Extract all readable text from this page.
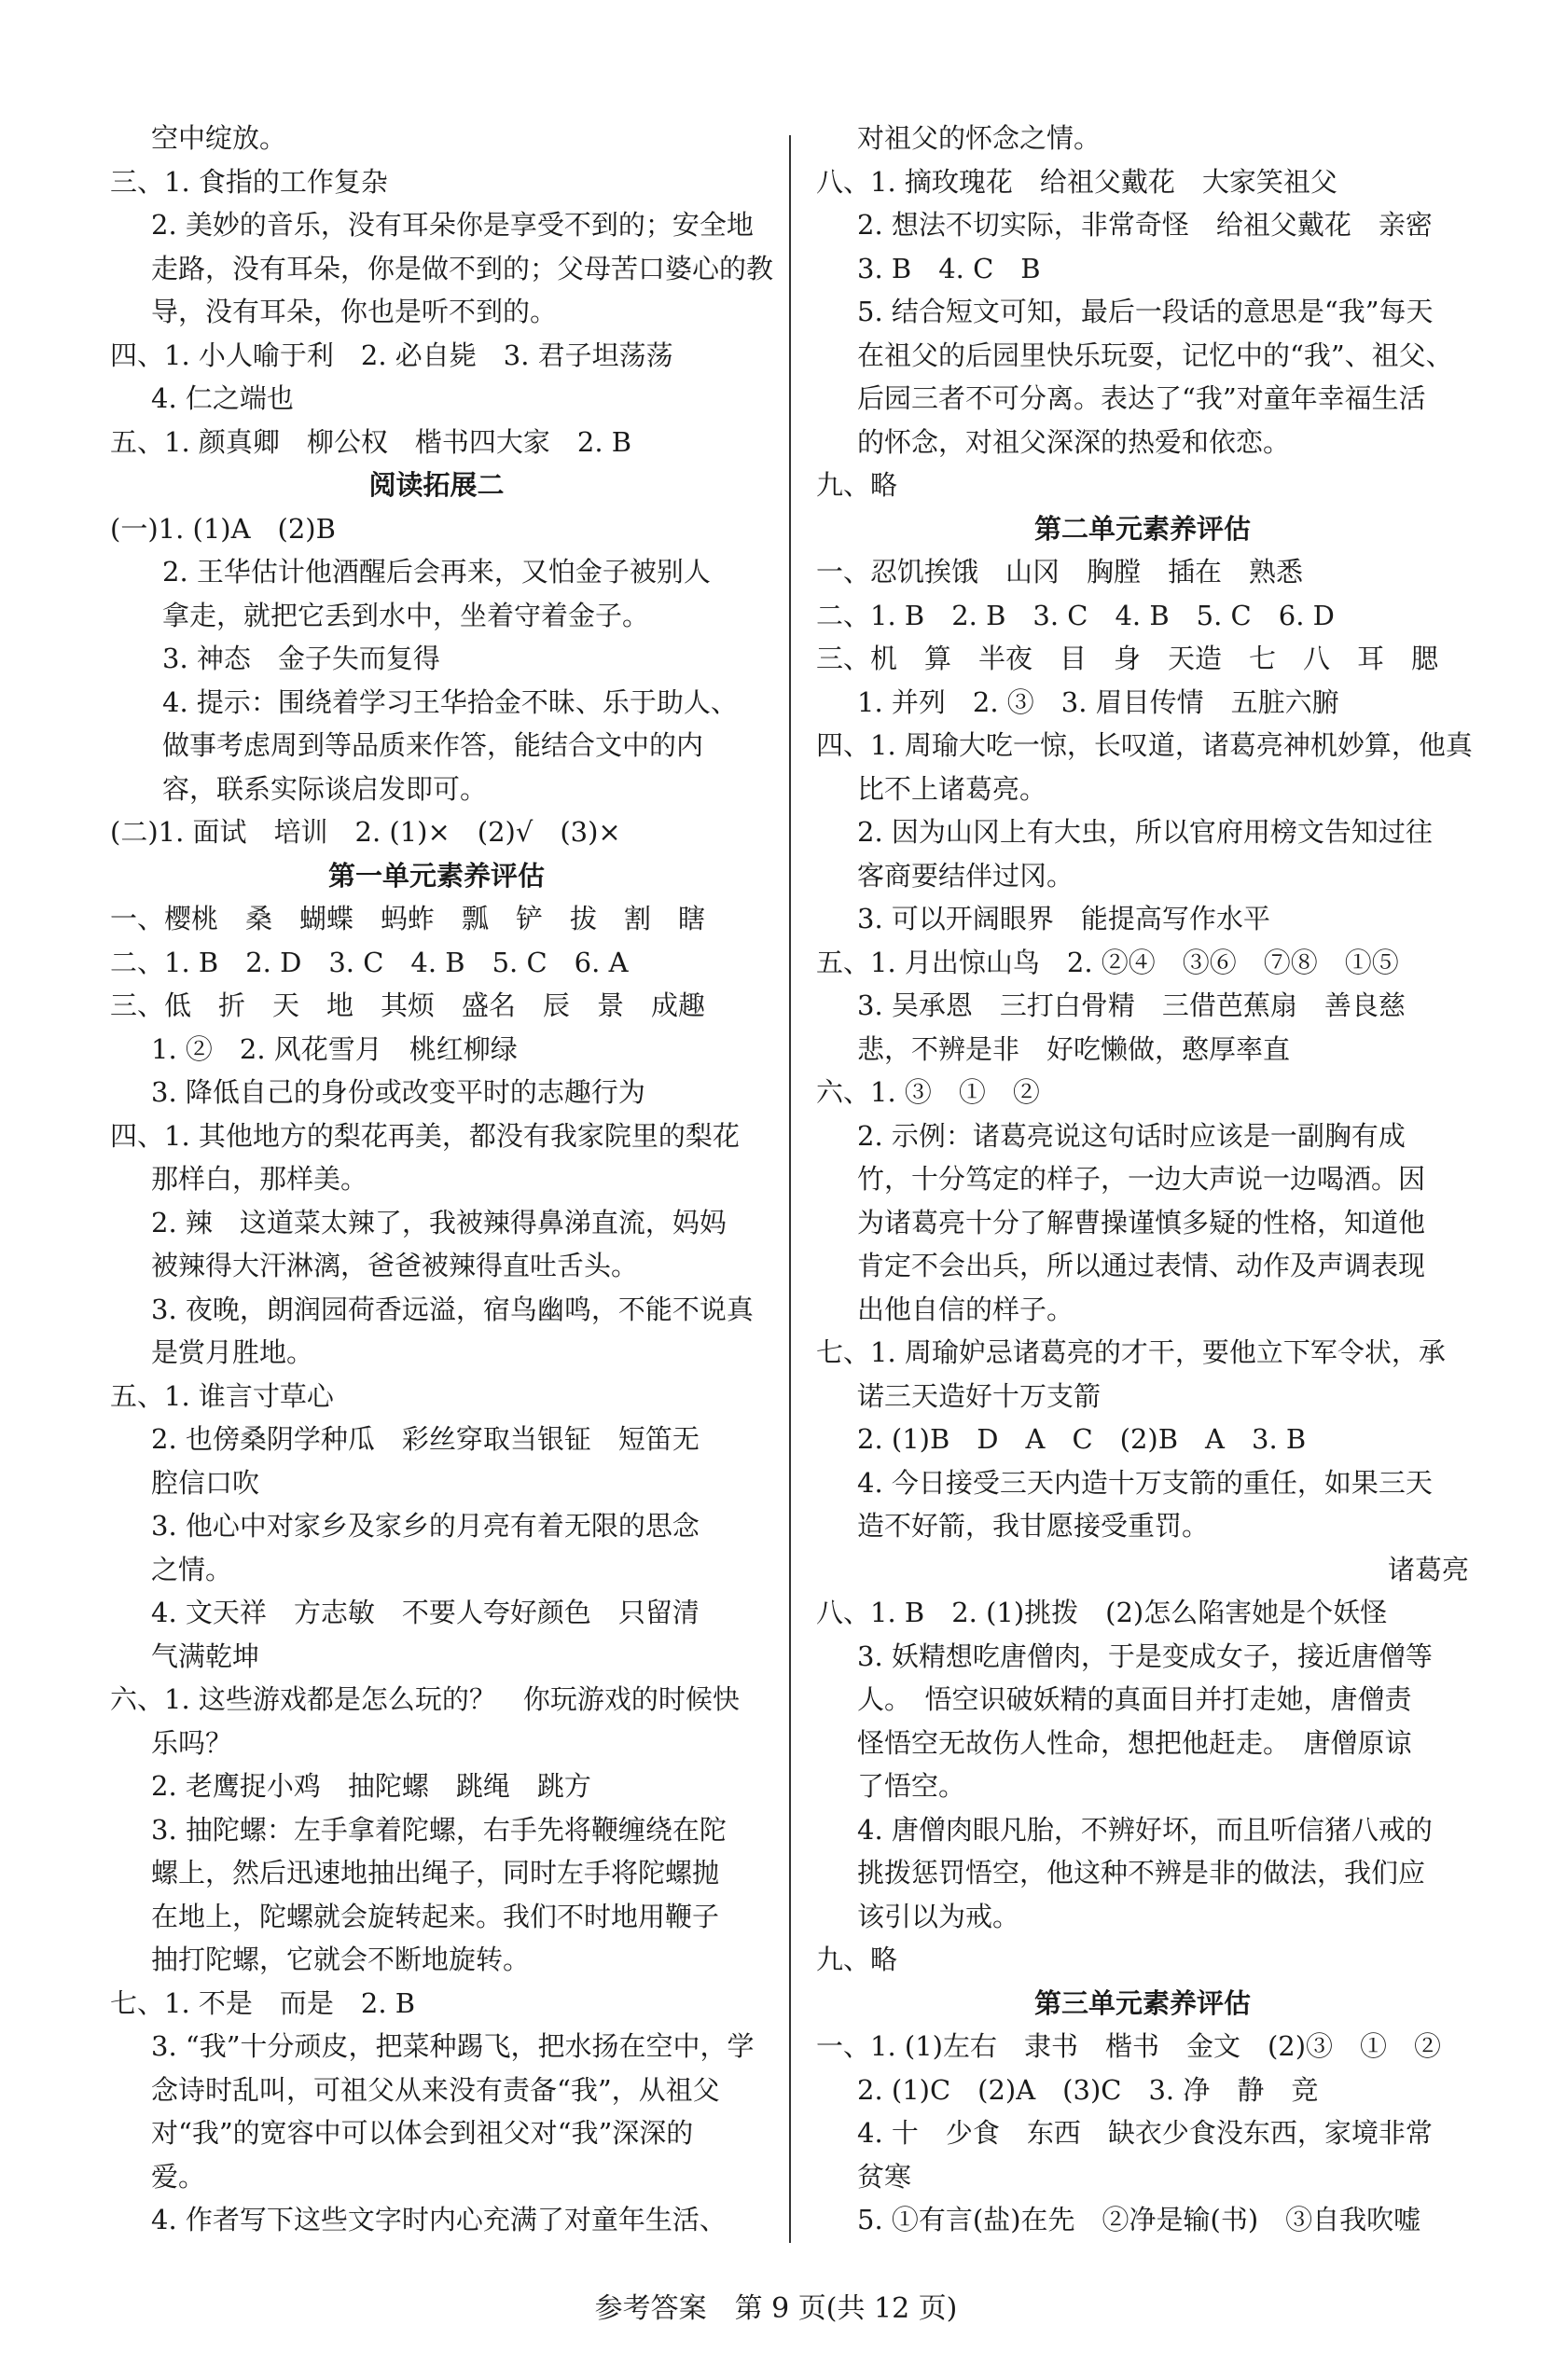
空中绽放。
三、1. 食指的工作复杂
2. 美妙的音乐，没有耳朵你是享受不到的；安全地
走路，没有耳朵，你是做不到的；父母苦口婆心的教
导，没有耳朵，你也是听不到的。
四、1. 小人喻于利　2. 必自毙　3. 君子坦荡荡
4. 仁之端也
五、1. 颜真卿　柳公权　楷书四大家　2. B
阅读拓展二
(一)1. (1)A　(2)B
2. 王华估计他酒醒后会再来，又怕金子被别人
拿走，就把它丢到水中，坐着守着金子。
3. 神态　金子失而复得
4. 提示：围绕着学习王华拾金不昧、乐于助人、
做事考虑周到等品质来作答，能结合文中的内
容，联系实际谈启发即可。
(二)1. 面试　培训　2. (1)×　(2)√　(3)×
第一单元素养评估
一、樱桃　桑　蝴蝶　蚂蚱　瓢　铲　拔　割　瞎
二、1. B　2. D　3. C　4. B　5. C　6. A
三、低　折　天　地　其烦　盛名　辰　景　成趣
1. ②　2. 风花雪月　桃红柳绿
3. 降低自己的身份或改变平时的志趣行为
四、1. 其他地方的梨花再美，都没有我家院里的梨花
那样白，那样美。
2. 辣　这道菜太辣了，我被辣得鼻涕直流，妈妈
被辣得大汗淋漓，爸爸被辣得直吐舌头。
3. 夜晚，朗润园荷香远溢，宿鸟幽鸣，不能不说真
是赏月胜地。
五、1. 谁言寸草心
2. 也傍桑阴学种瓜　彩丝穿取当银钲　短笛无
腔信口吹
3. 他心中对家乡及家乡的月亮有着无限的思念
之情。
4. 文天祥　方志敏　不要人夸好颜色　只留清
气满乾坤
六、1. 这些游戏都是怎么玩的？　你玩游戏的时候快
乐吗？
2. 老鹰捉小鸡　抽陀螺　跳绳　跳方
3. 抽陀螺：左手拿着陀螺，右手先将鞭缠绕在陀
螺上，然后迅速地抽出绳子，同时左手将陀螺抛
在地上，陀螺就会旋转起来。我们不时地用鞭子
抽打陀螺，它就会不断地旋转。
七、1. 不是　而是　2. B
3. “我”十分顽皮，把菜种踢飞，把水扬在空中，学
念诗时乱叫，可祖父从来没有责备“我”，从祖父
对“我”的宽容中可以体会到祖父对“我”深深的
爱。
4. 作者写下这些文字时内心充满了对童年生活、
对祖父的怀念之情。
八、1. 摘玫瑰花　给祖父戴花　大家笑祖父
2. 想法不切实际，非常奇怪　给祖父戴花　亲密
3. B　4. C　B
5. 结合短文可知，最后一段话的意思是“我”每天
在祖父的后园里快乐玩耍，记忆中的“我”、祖父、
后园三者不可分离。表达了“我”对童年幸福生活
的怀念，对祖父深深的热爱和依恋。
九、略
第二单元素养评估
一、忍饥挨饿　山冈　胸膛　插在　熟悉
二、1. B　2. B　3. C　4. B　5. C　6. D
三、机　算　半夜　目　身　天造　七　八　耳　腮
1. 并列　2. ③　3. 眉目传情　五脏六腑
四、1. 周瑜大吃一惊，长叹道，诸葛亮神机妙算，他真
比不上诸葛亮。
2. 因为山冈上有大虫，所以官府用榜文告知过往
客商要结伴过冈。
3. 可以开阔眼界　能提高写作水平
五、1. 月出惊山鸟　2. ②④　③⑥　⑦⑧　①⑤
3. 吴承恩　三打白骨精　三借芭蕉扇　善良慈
悲，不辨是非　好吃懒做，憨厚率直
六、1. ③　①　②
2. 示例：诸葛亮说这句话时应该是一副胸有成
竹，十分笃定的样子，一边大声说一边喝酒。因
为诸葛亮十分了解曹操谨慎多疑的性格，知道他
肯定不会出兵，所以通过表情、动作及声调表现
出他自信的样子。
七、1. 周瑜妒忌诸葛亮的才干，要他立下军令状，承
诺三天造好十万支箭
2. (1)B　D　A　C　(2)B　A　3. B
4. 今日接受三天内造十万支箭的重任，如果三天
造不好箭，我甘愿接受重罚。
诸葛亮
八、1. B　2. (1)挑拨　(2)怎么陷害她是个妖怪
3. 妖精想吃唐僧肉，于是变成女子，接近唐僧等
人。　悟空识破妖精的真面目并打走她，唐僧责
怪悟空无故伤人性命，想把他赶走。　唐僧原谅
了悟空。
4. 唐僧肉眼凡胎，不辨好坏，而且听信猪八戒的
挑拨惩罚悟空，他这种不辨是非的做法，我们应
该引以为戒。
九、略
第三单元素养评估
一、1. (1)左右　隶书　楷书　金文　(2)③　①　②
2. (1)C　(2)A　(3)C　3. 净　静　竞
4. 十　少食　东西　缺衣少食没东西，家境非常
贫寒
5. ①有言(盐)在先　②净是输(书)　③自我吹嘘
参考答案　第 9 页(共 12 页)
